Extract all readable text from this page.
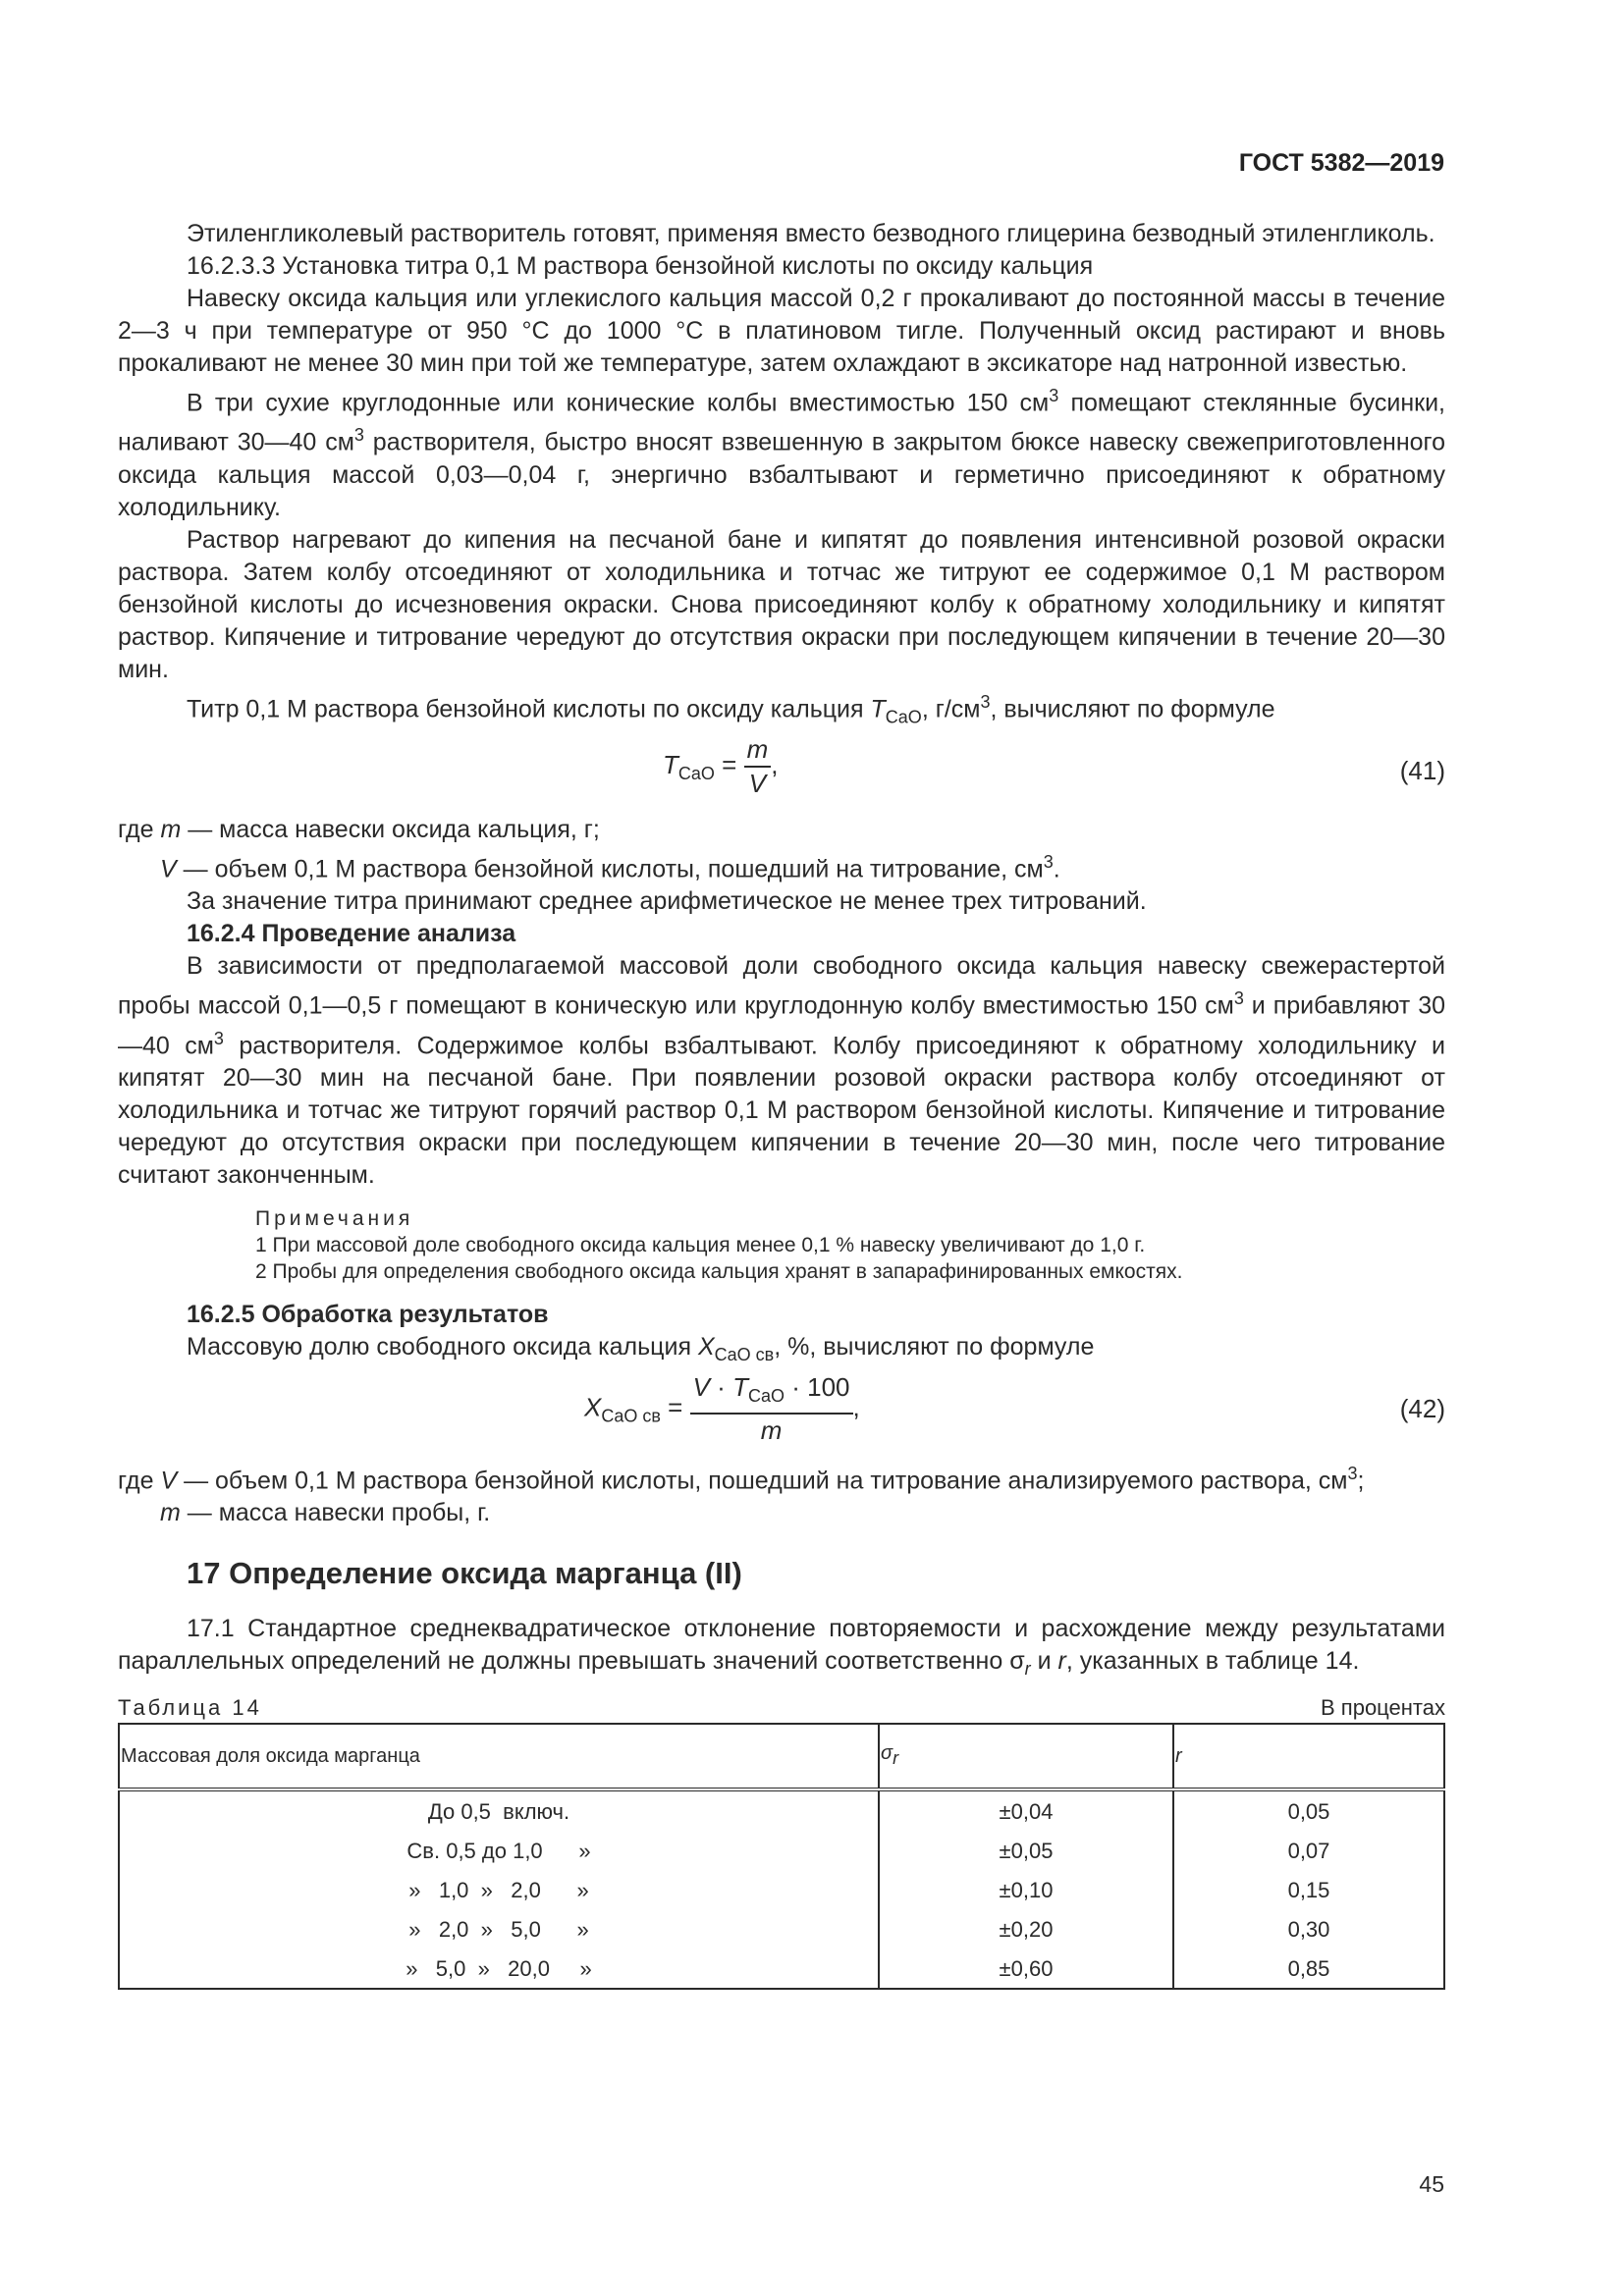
ГОСТ 5382—2019

Этиленгликолевый растворитель готовят, применяя вместо безводного глицерина безводный этиленгликоль.

16.2.3.3 Установка титра 0,1 М раствора бензойной кислоты по оксиду кальция

Навеску оксида кальция или углекислого кальция массой 0,2 г прокаливают до постоянной массы в течение 2—3 ч при температуре от 950 °С до 1000 °С в платиновом тигле. Полученный оксид растирают и вновь прокаливают не менее 30 мин при той же температуре, затем охлаждают в эксикаторе над натронной известью.

В три сухие круглодонные или конические колбы вместимостью 150 $см^3$ помещают стеклянные бусинки, наливают 30—40 $см^3$ растворителя, быстро вносят взвешенную в закрытом бюксе навеску свежеприготовленного оксида кальция массой 0,03—0,04 г, энергично взбалтывают и герметично присоединяют к обратному холодильнику.

Раствор нагревают до кипения на песчаной бане и кипятят до появления интенсивной розовой окраски раствора. Затем колбу отсоединяют от холодильника и тотчас же титруют ее содержимое 0,1 М раствором бензойной кислоты до исчезновения окраски. Снова присоединяют колбу к обратному холодильнику и кипятят раствор. Кипячение и титрование чередуют до отсутствия окраски при последующем кипячении в течение 20—30 мин.

Титр 0,1 М раствора бензойной кислоты по оксиду кальция $T_{CaO}$, $г/см^3$, вычисляют по формуле

$T_{CaO} = \frac{m}{V}$ ,	(41)

где m — масса навески оксида кальция, г;

V — объем 0,1 М раствора бензойной кислоты, пошедший на титрование, $см^3$.

За значение титра принимают среднее арифметическое не менее трех титрований.

16.2.4 Проведение анализа

В зависимости от предполагаемой массовой доли свободного оксида кальция навеску свежерастертой пробы массой 0,1—0,5 г помещают в коническую или круглодонную колбу вместимостью 150 $см^3$ и прибавляют 30—40 $см^3$ растворителя. Содержимое колбы взбалтывают. Колбу присоединяют к обратному холодильнику и кипятят 20—30 мин на песчаной бане. При появлении розовой окраски раствора колбу отсоединяют от холодильника и тотчас же титруют горячий раствор 0,1 М раствором бензойной кислоты. Кипячение и титрование чередуют до отсутствия окраски при последующем кипячении в течение 20—30 мин, после чего титрование считают законченным.

Примечания

1 При массовой доле свободного оксида кальция менее 0,1 % навеску увеличивают до 1,0 г.

2 Пробы для определения свободного оксида кальция хранят в запарафинированных емкостях.

16.2.5 Обработка результатов

Массовую долю свободного оксида кальция $X_{CaO св}$, %, вычисляют по формуле

$X_{CaO св} = \frac{V \cdot T_{CaO} \cdot 100}{m}$ ,	(42)

где V — объем 0,1 М раствора бензойной кислоты, пошедший на титрование анализируемого раствора, $см^3$;

m — масса навески пробы, г.

17 Определение оксида марганца (II)

17.1 Стандартное среднеквадратическое отклонение повторяемости и расхождение между результатами параллельных определений не должны превышать значений соответственно $\sigma_r$ и r, указанных в таблице 14.

Таблица 14	В процентах
Массовая доля оксида марганца	$\sigma_r$	r
До 0,5  включ.	±0,04	0,05
Св. 0,5 до 1,0      »	±0,05	0,07
»   1,0  »   2,0      »	±0,10	0,15
»   2,0  »   5,0      »	±0,20	0,30
»   5,0  »   20,0     »	±0,60	0,85
45
